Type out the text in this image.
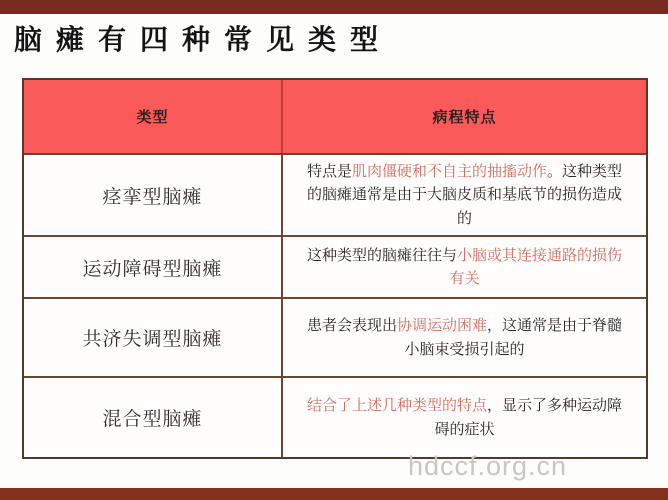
脑瘫有四种常见类型
类型	病程特点
痉挛型脑瘫
特点是肌肉僵硬和不自主的抽搐动作。这种类型的脑瘫通常是由于大脑皮质和基底节的损伤造成的
运动障碍型脑瘫
这种类型的脑瘫往往与小脑或其连接通路的损伤有关
共济失调型脑瘫
患者会表现出协调运动困难，这通常是由于脊髓小脑束受损引起的
混合型脑瘫
结合了上述几种类型的特点，显示了多种运动障碍的症状
hdccf.org.cn
